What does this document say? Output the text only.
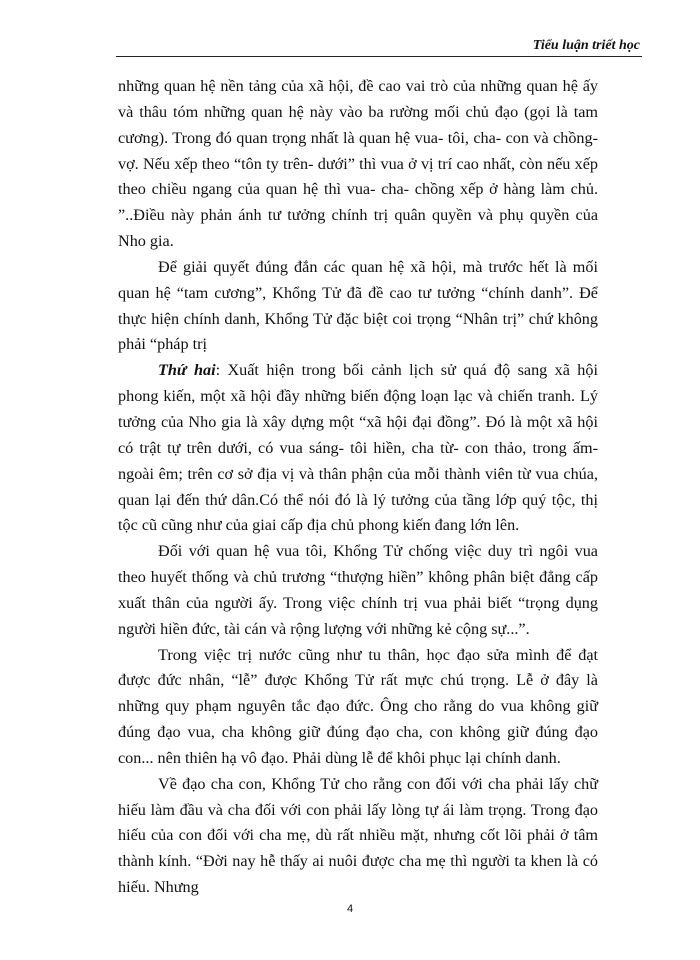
Tiểu luận triết học

những quan hệ nền tảng của xã hội, đề cao vai trò của những quan hệ ấy và thâu tóm những quan hệ này vào ba rường mối chủ đạo (gọi là tam cương). Trong đó quan trọng nhất là quan hệ vua- tôi, cha- con và chồng- vợ. Nếu xếp theo “tôn ty trên- dưới” thì vua ở vị trí cao nhất, còn nếu xếp theo chiều ngang của quan hệ thì vua- cha- chồng xếp ở hàng làm chủ. ”..Điều này phản ánh tư tưởng chính trị quân quyền và phụ quyền của Nho gia.

Để giải quyết đúng đắn các quan hệ xã hội, mà trước hết là mối quan hệ “tam cương”, Khổng Tử đã đề cao tư tưởng “chính danh”. Để thực hiện chính danh, Khổng Tử đặc biệt coi trọng “Nhân trị” chứ không phải “pháp trị

Thứ hai: Xuất hiện trong bối cảnh lịch sử quá độ sang xã hội phong kiến, một xã hội đầy những biến động loạn lạc và chiến tranh. Lý tưởng của Nho gia là xây dựng một “xã hội đại đồng”. Đó là một xã hội có trật tự trên dưới, có vua sáng- tôi hiền, cha từ- con thảo, trong ấm- ngoài êm; trên cơ sở địa vị và thân phận của mỗi thành viên từ vua chúa, quan lại đến thứ dân.Có thể nói đó là lý tưởng của tầng lớp quý tộc, thị tộc cũ cũng như của giai cấp địa chủ phong kiến đang lớn lên.

Đối với quan hệ vua tôi, Khổng Tử chống việc duy trì ngôi vua theo huyết thống và chủ trương “thượng hiền” không phân biệt đẳng cấp xuất thân của người ấy. Trong việc chính trị vua phải biết “trọng dụng người hiền đức, tài cán và rộng lượng với những kẻ cộng sự...”.

Trong việc trị nước cũng như tu thân, học đạo sửa mình để đạt được đức nhân, “lễ” được Khổng Tử rất mực chú trọng. Lễ ở đây là những quy phạm nguyên tắc đạo đức. Ông cho rằng do vua không giữ đúng đạo vua, cha không giữ đúng đạo cha, con không giữ đúng đạo con... nên thiên hạ vô đạo. Phải dùng lễ để khôi phục lại chính danh.

Về đạo cha con, Khổng Tử cho rằng con đối với cha phải lấy chữ hiếu làm đầu và cha đối với con phải lấy lòng tự ái làm trọng. Trong đạo hiếu của con đối với cha mẹ, dù rất nhiều mặt, nhưng cốt lõi phải ở tâm thành kính. “Đời nay hễ thấy ai nuôi được cha mẹ thì người ta khen là có hiếu. Nhưng

4
